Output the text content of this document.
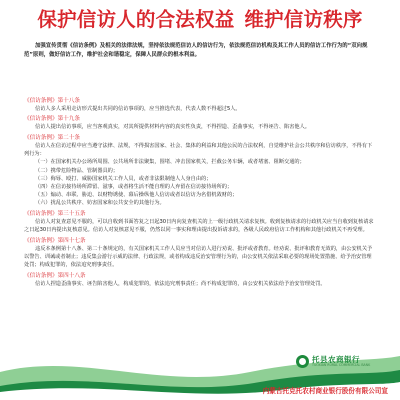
保护信访人的合法权益 维护信访秩序

加强宣传贯彻《信访条例》及相关的法律法规，坚持依法规范信访人的信访行为，依法规范信访机构及其工作人员的信访工作行为的“双向规范”原则，做好信访工作，维护社会和谐稳定，保障人民群众的根本利益。

《信访条例》第十八条

信访人多人采用走访形式提出共同的信访事项的，应当推选代表，代表人数不得超过5人。

《信访条例》第十九条

信访人提出信访事项，应当客观真实，对其所提供材料内容的真实性负责，不得捏造、歪曲事实，不得诬告、陷害他人。

《信访条例》第二十条

信访人在信访过程中应当遵守法律、法规，不得损害国家、社会、集体的利益和其他公民的合法权利，自觉维护社会公共秩序和信访秩序，不得有下列行为：

（一）在国家机关办公场所周围、公共场所非法聚集，围堵、冲击国家机关，拦截公务车辆，或者堵塞、阻断交通的；

（二）携带危险物品、管制器具的；

（三）侮辱、殴打、威胁国家机关工作人员，或者非法限制他人人身自由的；

（四）在信访接待场所滞留、滋事，或者将生活不能自理的人弃留在信访接待场所的；

（五）煽动、串联、胁迫、以财物诱使、幕后操纵他人信访或者以信访为名借机敛财的；

（六）扰乱公共秩序、妨害国家和公共安全的其他行为。

《信访条例》第三十五条

信访人对复查意见不服的，可以自收到书面答复之日起30日内向复查机关的上一级行政机关请求复核。收到复核请求的行政机关应当自收到复核请求之日起30日内提出复核意见。信访人对复核意见不服，仍然以同一事实和理由提出投诉请求的，各级人民政府信访工作机构和其他行政机关不再受理。

《信访条例》第四十七条

违反本条例第十八条、第二十条规定的，有关国家机关工作人员应当对信访人进行劝说、批评或者教育。经劝说、批评和教育无效的，由公安机关予以警告、训诫或者制止；违反集会游行示威的法律、行政法规，或者构成违反治安管理行为的，由公安机关依法采取必要的现场处置措施、给予治安管理处罚；构成犯罪的，依法追究刑事责任。

《信访条例》第四十八条

信访人捏造歪曲事实、诬告陷害他人，构成犯罪的，依法追究刑事责任；尚不构成犯罪的，由公安机关依法给予治安管理处罚。

托县农商银行
TUOXIAN RURAL COMMERCIAL BANK
内蒙古托克托农村商业银行股份有限公司宣
